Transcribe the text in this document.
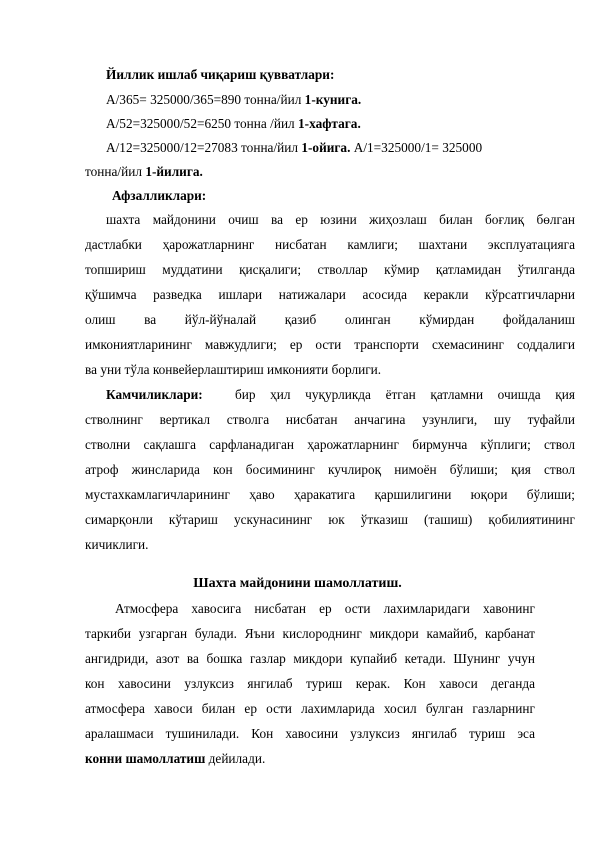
Йиллик ишлаб чиқариш қувватлари:

А/365= 325000/365=890 тонна/йил 1-кунига.

А/52=325000/52=6250 тонна /йил 1-хафтага.

А/12=325000/12=27083 тонна/йил 1-ойига. А/1=325000/1= 325000

тонна/йил 1-йилига.

Афзалликлари:

шахта майдонини очиш ва ер юзини жиҳозлаш билан боғлиқ бөлган

дастлабки ҳарожатларнинг нисбатан камлиги; шахтани эксплуатацияга

топшириш муддатини қисқалиги; стволлар кўмир қатламидан ўтилганда

қўшимча разведка ишлари натижалари асосида керакли кўрсатгичларни

олиш ва йўл-йўналай қазиб олинган кўмирдан фойдаланиш

имкониятларининг мавжудлиги; ер ости транспорти схемасининг соддалиги

ва уни тўла конвейерлаштириш имконияти борлиги.

Камчиликлари: бир ҳил чуқурликда ётган қатламни очишда қия

стволнинг вертикал стволга нисбатан анчагина узунлиги, шу туфайли

стволни сақлашга сарфланадиган ҳарожатларнинг бирмунча кўплиги; ствол

атроф жинсларида кон босимининг кучлироқ нимоён бўлиши; қия ствол

мустахкамлагичларининг ҳаво ҳаракатига қаршилигини юқори бўлиши;

симарқонли кўтариш ускунасининг юк ўтказиш (ташиш) қобилиятининг

кичиклиги.

Шахта майдонини шамоллатиш.

Атмосфера хавосига нисбатан ер ости лахимларидаги хавонинг

таркиби узгарган булади. Яъни кислороднинг микдори камайиб, карбанат

ангидриди, азот ва бошка газлар микдори купайиб кетади. Шунинг учун

кон хавосини узлуксиз янгилаб туриш керак. Кон хавоси деганда

атмосфера хавоси билан ер ости лахимларида хосил булган газларнинг

аралашмаси тушинилади. Кон хавосини узлуксиз янгилаб туриш эса

конни шамоллатиш дейилади.
